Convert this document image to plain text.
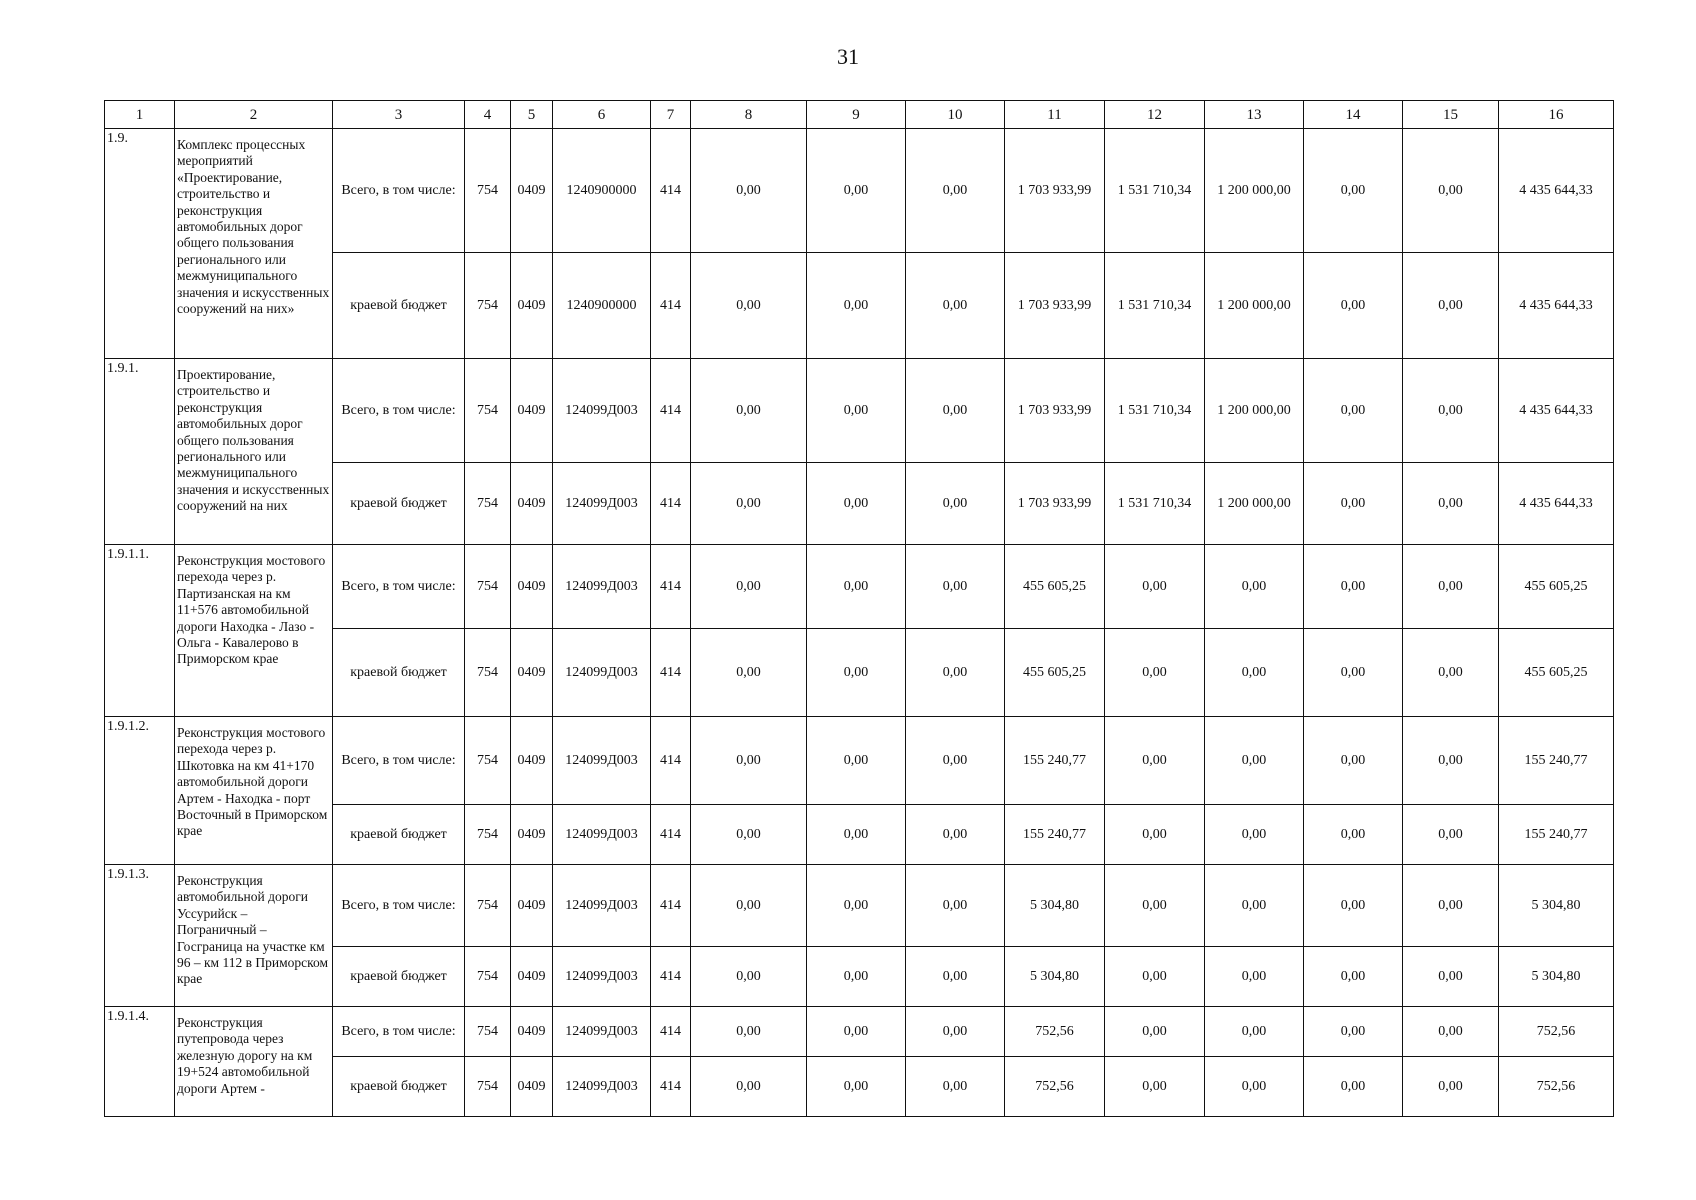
31
1	2	3	4	5	6	7	8	9	10	11	12	13	14	15	16
1.9.	Комплекс процессных мероприятий «Проектирование, строительство и реконструкция автомобильных дорог общего пользования регионального или межмуниципального значения и искусственных сооружений на них»	Всего, в том числе:	754	0409	1240900000	414	0,00	0,00	0,00	1 703 933,99	1 531 710,34	1 200 000,00	0,00	0,00	4 435 644,33
		краевой бюджет	754	0409	1240900000	414	0,00	0,00	0,00	1 703 933,99	1 531 710,34	1 200 000,00	0,00	0,00	4 435 644,33
1.9.1.	Проектирование, строительство и реконструкция автомобильных дорог общего пользования регионального или межмуниципального значения и искусственных сооружений на них	Всего, в том числе:	754	0409	124099Д003	414	0,00	0,00	0,00	1 703 933,99	1 531 710,34	1 200 000,00	0,00	0,00	4 435 644,33
		краевой бюджет	754	0409	124099Д003	414	0,00	0,00	0,00	1 703 933,99	1 531 710,34	1 200 000,00	0,00	0,00	4 435 644,33
1.9.1.1.	Реконструкция мостового перехода через р. Партизанская на км 11+576 автомобильной дороги Находка - Лазо - Ольга - Кавалерово в Приморском крае	Всего, в том числе:	754	0409	124099Д003	414	0,00	0,00	0,00	455 605,25	0,00	0,00	0,00	0,00	455 605,25
		краевой бюджет	754	0409	124099Д003	414	0,00	0,00	0,00	455 605,25	0,00	0,00	0,00	0,00	455 605,25
1.9.1.2.	Реконструкция мостового перехода через р. Шкотовка на км 41+170 автомобильной дороги Артем - Находка - порт Восточный в Приморском крае	Всего, в том числе:	754	0409	124099Д003	414	0,00	0,00	0,00	155 240,77	0,00	0,00	0,00	0,00	155 240,77
		краевой бюджет	754	0409	124099Д003	414	0,00	0,00	0,00	155 240,77	0,00	0,00	0,00	0,00	155 240,77
1.9.1.3.	Реконструкция автомобильной дороги Уссурийск – Пограничный – Госграница на участке км 96 – км 112 в Приморском крае	Всего, в том числе:	754	0409	124099Д003	414	0,00	0,00	0,00	5 304,80	0,00	0,00	0,00	0,00	5 304,80
		краевой бюджет	754	0409	124099Д003	414	0,00	0,00	0,00	5 304,80	0,00	0,00	0,00	0,00	5 304,80
1.9.1.4.	Реконструкция путепровода через железную дорогу на км 19+524 автомобильной дороги Артем -	Всего, в том числе:	754	0409	124099Д003	414	0,00	0,00	0,00	752,56	0,00	0,00	0,00	0,00	752,56
		краевой бюджет	754	0409	124099Д003	414	0,00	0,00	0,00	752,56	0,00	0,00	0,00	0,00	752,56
